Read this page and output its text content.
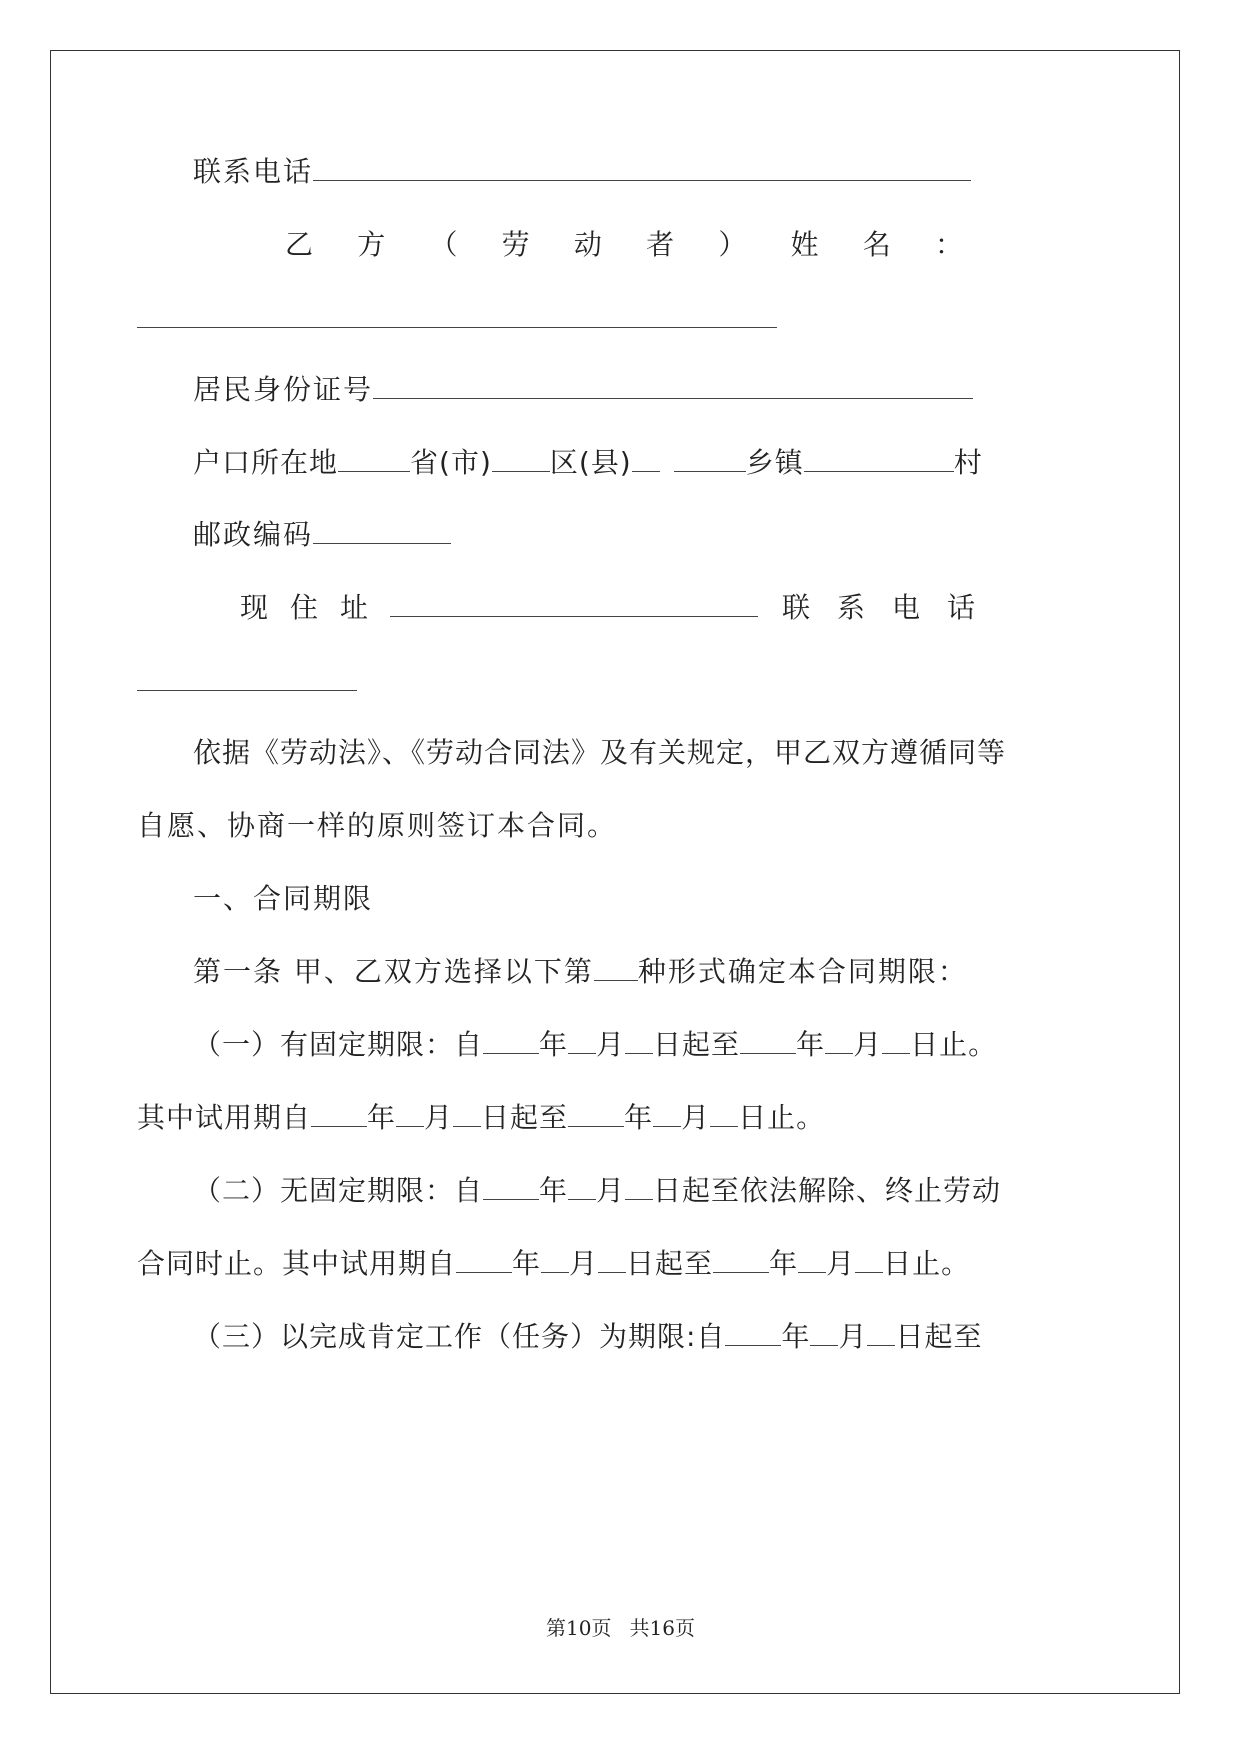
联系电话
乙 方 （ 劳 动 者 ） 姓 名 ：
居民身份证号
户口所在地	省(市) 区(县)	乡镇	村
邮政编码
现 住 址	联 系 电 话
依据《劳动法》、《劳动合同法》及有关规定，甲乙双方遵循同等
自愿、协商一样的原则签订本合同。
一、合同期限
第一条 甲、乙双方选择以下第 种形式确定本合同期限：
（一）有固定期限：自 年 月 日起至 年 月 日止。
其中试用期自 年 月 日起至 年 月 日止。
（二）无固定期限：自 年 月 日起至依法解除、终止劳动
合同时止。其中试用期自 年 月 日起至 年 月 日止。
（三）以完成肯定工作（任务）为期限:自 年 月 日起至
第10页 共16页
